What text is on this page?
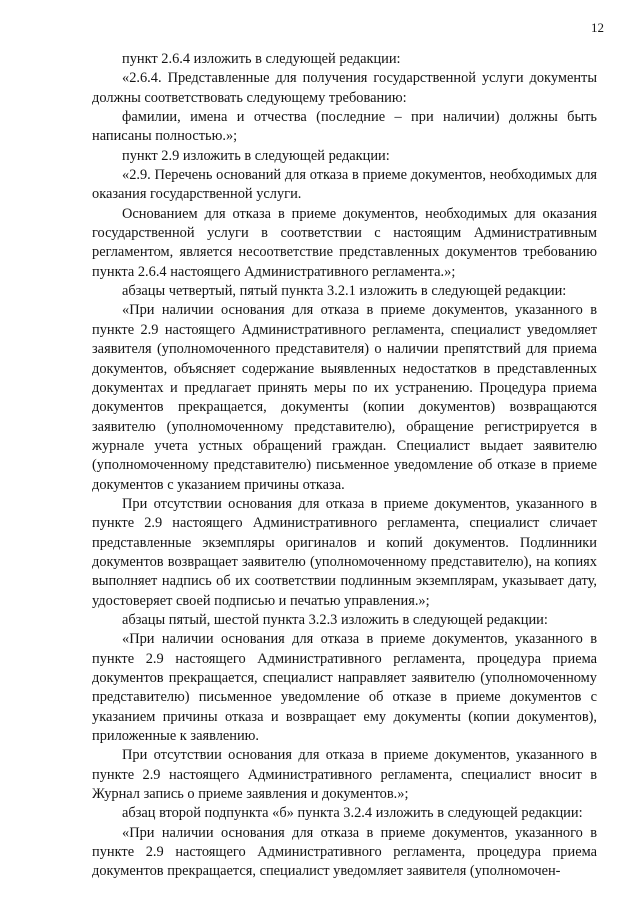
12

пункт 2.6.4 изложить в следующей редакции:

«2.6.4. Представленные для получения государственной услуги документы должны соответствовать следующему требованию:

фамилии, имена и отчества (последние – при наличии) должны быть написаны полностью.»;

пункт 2.9 изложить в следующей редакции:

«2.9. Перечень оснований для отказа в приеме документов, необходимых для оказания государственной услуги.

Основанием для отказа в приеме документов, необходимых для оказания государственной услуги в соответствии с настоящим Административным регламентом, является несоответствие представленных документов требованию пункта 2.6.4 настоящего Административного регламента.»;

абзацы четвертый, пятый пункта 3.2.1 изложить в следующей редакции:

«При наличии основания для отказа в приеме документов, указанного в пункте 2.9 настоящего Административного регламента, специалист уведомляет заявителя (уполномоченного представителя) о наличии препятствий для приема документов, объясняет содержание выявленных недостатков в представленных документах и предлагает принять меры по их устранению. Процедура приема документов прекращается, документы (копии документов) возвращаются заявителю (уполномоченному представителю), обращение регистрируется в журнале учета устных обращений граждан. Специалист выдает заявителю (уполномоченному представителю) письменное уведомление об отказе в приеме документов с указанием причины отказа.

При отсутствии основания для отказа в приеме документов, указанного в пункте 2.9 настоящего Административного регламента, специалист сличает представленные экземпляры оригиналов и копий документов. Подлинники документов возвращает заявителю (уполномоченному представителю), на копиях выполняет надпись об их соответствии подлинным экземплярам, указывает дату, удостоверяет своей подписью и печатью управления.»;

абзацы пятый, шестой пункта 3.2.3 изложить в следующей редакции:

«При наличии основания для отказа в приеме документов, указанного в пункте 2.9 настоящего Административного регламента, процедура приема документов прекращается, специалист направляет заявителю (уполномоченному представителю) письменное уведомление об отказе в приеме документов с указанием причины отказа и возвращает ему документы (копии документов), приложенные к заявлению.

При отсутствии основания для отказа в приеме документов, указанного в пункте 2.9 настоящего Административного регламента, специалист вносит в Журнал запись о приеме заявления и документов.»;

абзац второй подпункта «б» пункта 3.2.4 изложить в следующей редакции:

«При наличии основания для отказа в приеме документов, указанного в пункте 2.9 настоящего Административного регламента, процедура приема документов прекращается, специалист уведомляет заявителя (уполномочен-
